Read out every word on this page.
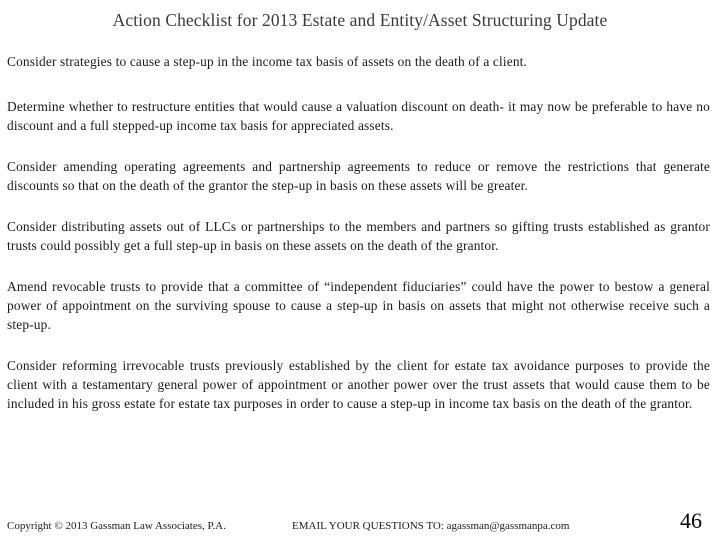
Action Checklist for 2013 Estate and Entity/Asset Structuring Update

Consider strategies to cause a step-up in the income tax basis of assets on the death of a client.

Determine whether to restructure entities that would cause a valuation discount on death- it may now be preferable to have no discount and a full stepped-up income tax basis for appreciated assets.

Consider amending operating agreements and partnership agreements to reduce or remove the restrictions that generate discounts so that on the death of the grantor the step-up in basis on these assets will be greater.

Consider distributing assets out of LLCs or partnerships to the members and partners so gifting trusts established as grantor trusts could possibly get a full step-up in basis on these assets on the death of the grantor.

Amend revocable trusts to provide that a committee of “independent fiduciaries” could have the power to bestow a general power of appointment on the surviving spouse to cause a step-up in basis on assets that might not otherwise receive such a step-up.

Consider reforming irrevocable trusts previously established by the client for estate tax avoidance purposes to provide the client with a testamentary general power of appointment or another power over the trust assets that would cause them to be included in his gross estate for estate tax purposes in order to cause a step-up in income tax basis on the death of the grantor.

Copyright © 2013 Gassman Law Associates, P.A.	EMAIL YOUR QUESTIONS TO: agassman@gassmanpa.com	46
